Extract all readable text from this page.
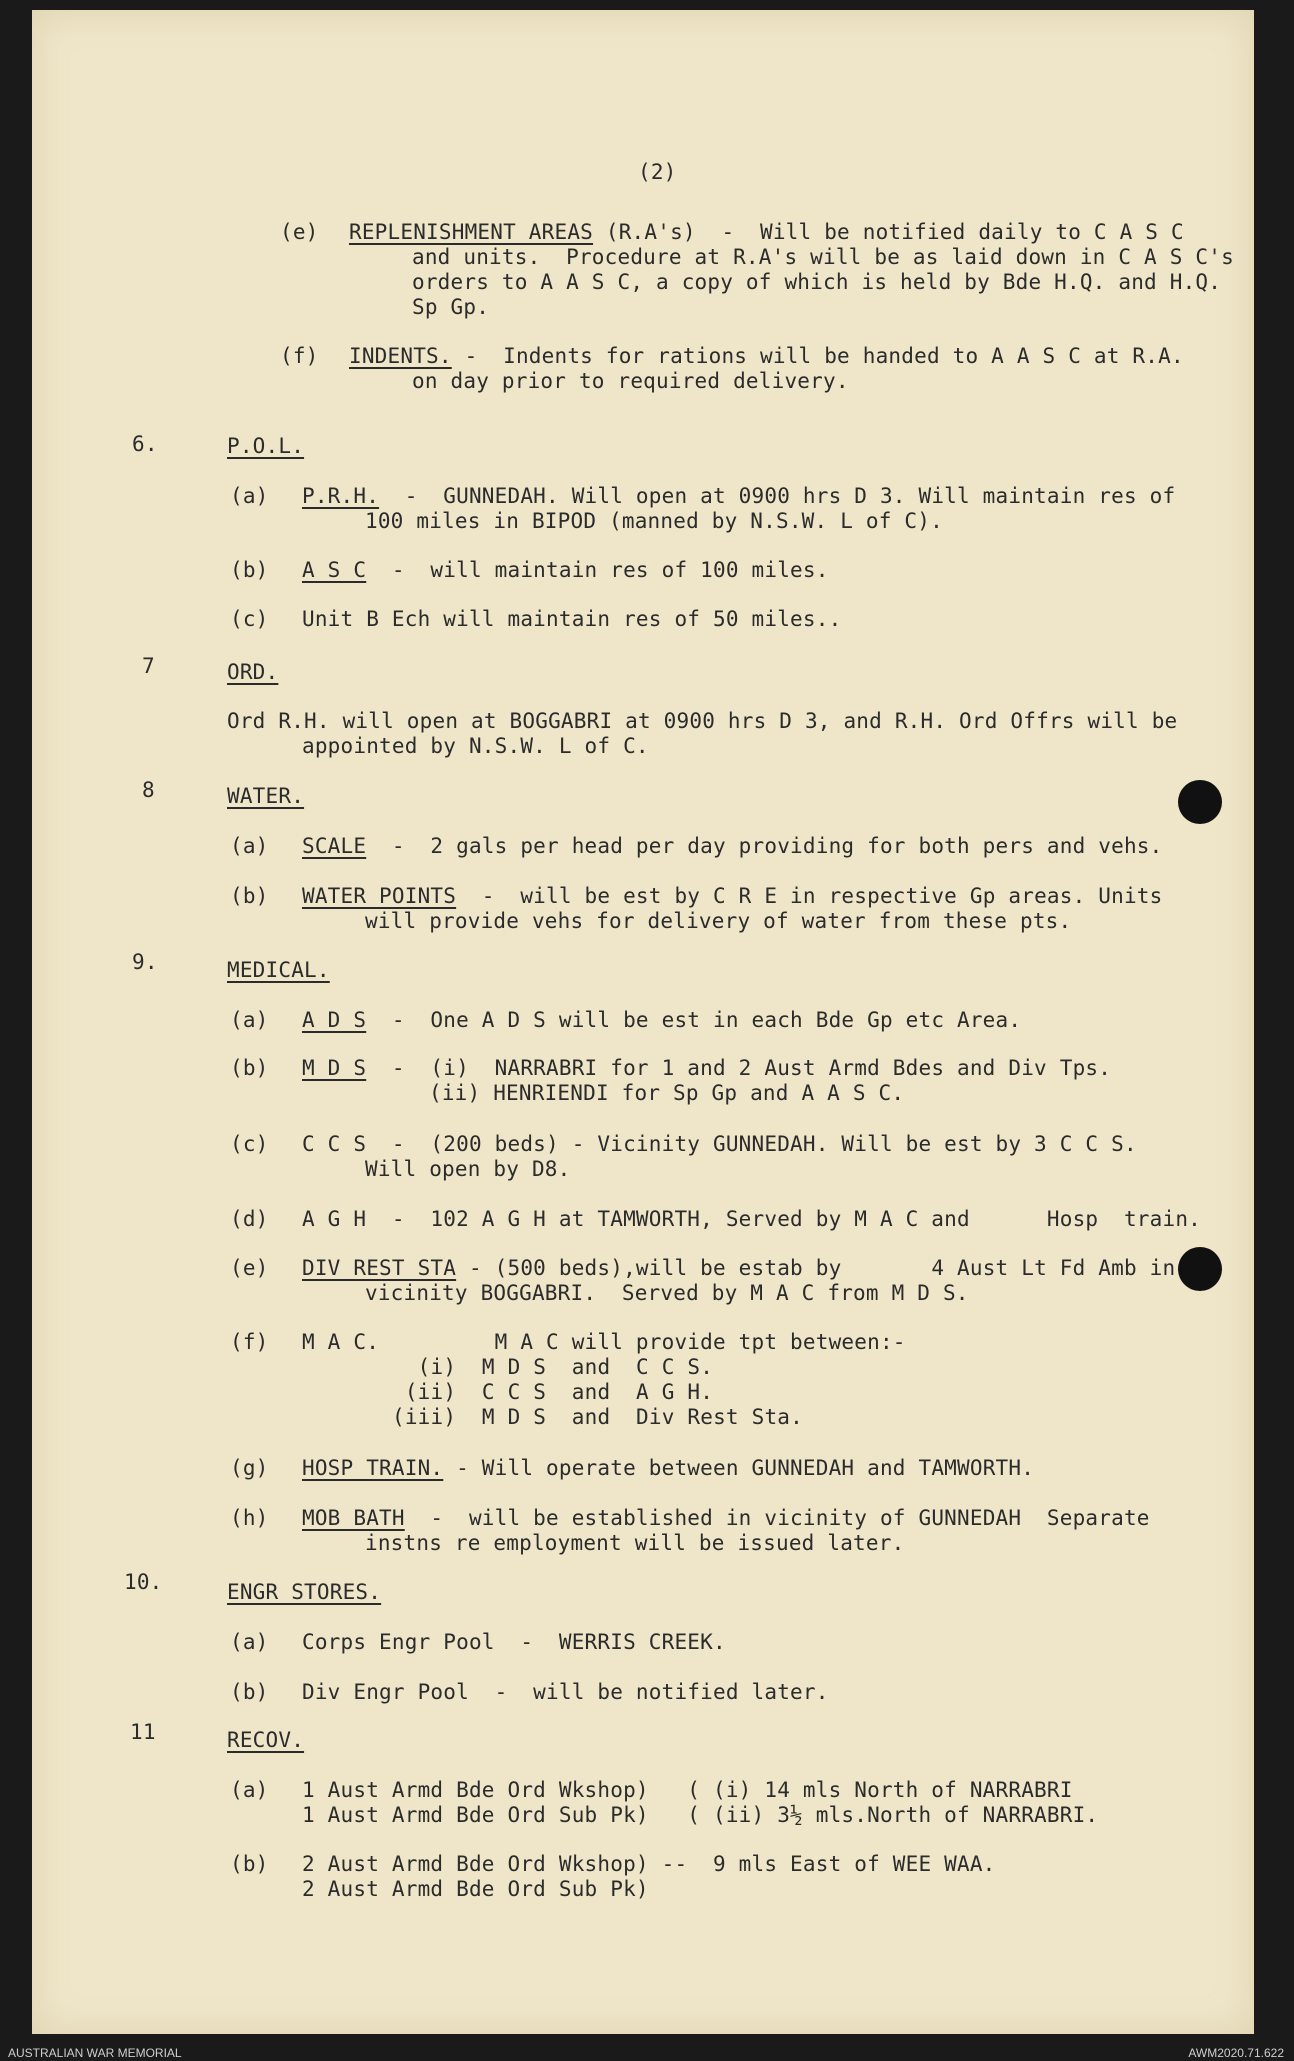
(2)
(e) REPLENISHMENT AREAS (R.A's)  -  Will be notified daily to C A S C
and units.  Procedure at R.A's will be as laid down in C A S C's
orders to A A S C, a copy of which is held by Bde H.Q. and H.Q.
Sp Gp.
(f) INDENTS. -  Indents for rations will be handed to A A S C at R.A.
on day prior to required delivery.
6.	P.O.L.
(a) P.R.H.  -  GUNNEDAH. Will open at 0900 hrs D 3. Will maintain res of
100 miles in BIPOD (manned by N.S.W. L of C).
(b) A S C  -  will maintain res of 100 miles.
(c) Unit B Ech will maintain res of 50 miles..
7	ORD.
Ord R.H. will open at BOGGABRI at 0900 hrs D 3, and R.H. Ord Offrs will be
appointed by N.S.W. L of C.
8	WATER.
(a) SCALE  -  2 gals per head per day providing for both pers and vehs.
(b) WATER POINTS  -  will be est by C R E in respective Gp areas. Units
will provide vehs for delivery of water from these pts.
9.	MEDICAL.
(a) A D S  -  One A D S will be est in each Bde Gp etc Area.
(b) M D S  -  (i)  NARRABRI for 1 and 2 Aust Armd Bdes and Div Tps.
(ii) HENRIENDI for Sp Gp and A A S C.
(c) C C S  -  (200 beds) - Vicinity GUNNEDAH. Will be est by 3 C C S.
Will open by D8.
(d) A G H  -  102 A G H at TAMWORTH, Served by M A C and      Hosp  train.
(e) DIV REST STA - (500 beds),will be estab by       4 Aust Lt Fd Amb in
vicinity BOGGABRI.  Served by M A C from M D S.
(f) M A C.         M A C will provide tpt between:-
(i)  M D S  and  C C S.
(ii)  C C S  and  A G H.
(iii)  M D S  and  Div Rest Sta.
(g) HOSP TRAIN. - Will operate between GUNNEDAH and TAMWORTH.
(h) MOB BATH  -  will be established in vicinity of GUNNEDAH  Separate
instns re employment will be issued later.
10.	ENGR STORES.
(a) Corps Engr Pool  -  WERRIS CREEK.
(b) Div Engr Pool  -  will be notified later.
11	RECOV.
(a) 1 Aust Armd Bde Ord Wkshop)   ( (i) 14 mls North of NARRABRI
1 Aust Armd Bde Ord Sub Pk)   ( (ii) 3½ mls.North of NARRABRI.
(b) 2 Aust Armd Bde Ord Wkshop) --  9 mls East of WEE WAA.
2 Aust Armd Bde Ord Sub Pk)
AUSTRALIAN WAR MEMORIAL	AWM2020.71.622
